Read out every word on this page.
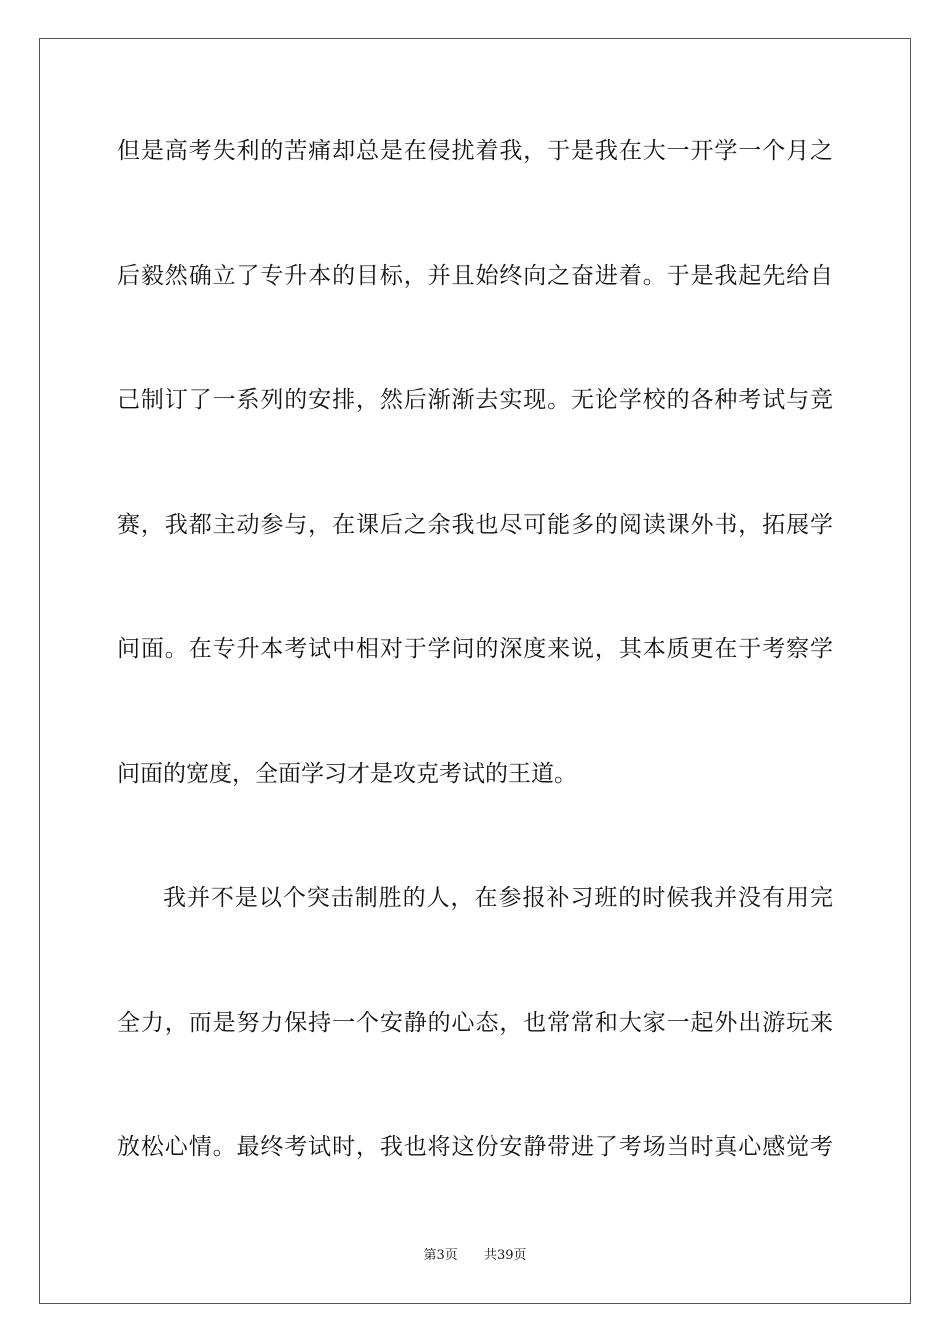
但是高考失利的苦痛却总是在侵扰着我，于是我在大一开学一个月之
后毅然确立了专升本的目标，并且始终向之奋进着。于是我起先给自
己制订了一系列的安排，然后渐渐去实现。无论学校的各种考试与竞
赛，我都主动参与，在课后之余我也尽可能多的阅读课外书，拓展学
问面。在专升本考试中相对于学问的深度来说，其本质更在于考察学
问面的宽度，全面学习才是攻克考试的王道。
我并不是以个突击制胜的人，在参报补习班的时候我并没有用完
全力，而是努力保持一个安静的心态，也常常和大家一起外出游玩来
放松心情。最终考试时，我也将这份安静带进了考场当时真心感觉考
第3页 共39页
